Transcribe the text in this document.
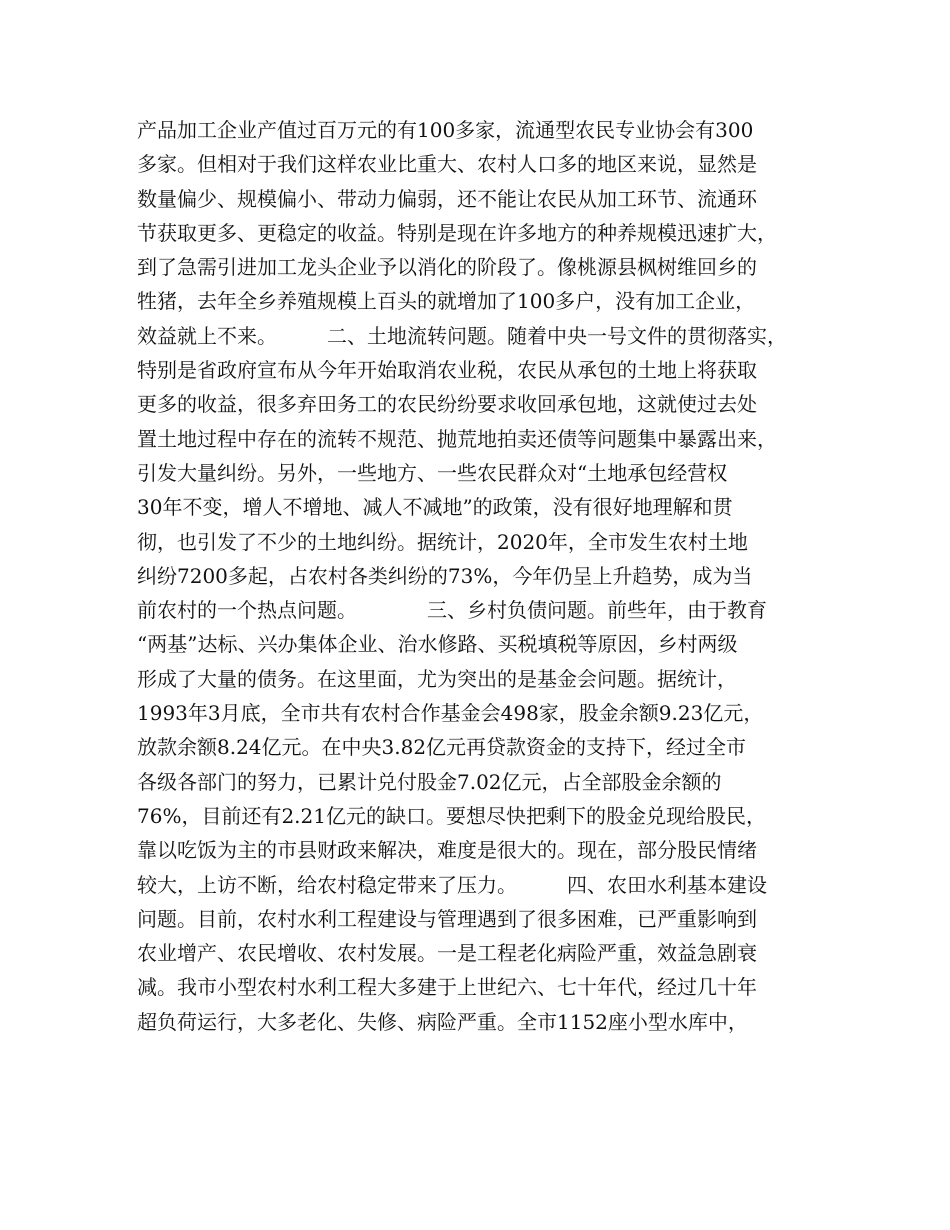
产品加工企业产值过百万元的有100多家，流通型农民专业协会有300
多家。但相对于我们这样农业比重大、农村人口多的地区来说，显然是
数量偏少、规模偏小、带动力偏弱，还不能让农民从加工环节、流通环
节获取更多、更稳定的收益。特别是现在许多地方的种养规模迅速扩大，
到了急需引进加工龙头企业予以消化的阶段了。像桃源县枫树维回乡的
牲猪，去年全乡养殖规模上百头的就增加了100多户，没有加工企业，
效益就上不来。　　　二、土地流转问题。随着中央一号文件的贯彻落实，
特别是省政府宣布从今年开始取消农业税，农民从承包的土地上将获取
更多的收益，很多弃田务工的农民纷纷要求收回承包地，这就使过去处
置土地过程中存在的流转不规范、抛荒地拍卖还债等问题集中暴露出来，
引发大量纠纷。另外，一些地方、一些农民群众对“土地承包经营权
30年不变，增人不增地、减人不减地”的政策，没有很好地理解和贯
彻，也引发了不少的土地纠纷。据统计，2020年，全市发生农村土地
纠纷7200多起，占农村各类纠纷的73%，今年仍呈上升趋势，成为当
前农村的一个热点问题。　　　　三、乡村负债问题。前些年，由于教育
“两基”达标、兴办集体企业、治水修路、买税填税等原因，乡村两级
形成了大量的债务。在这里面，尤为突出的是基金会问题。据统计，
1993年3月底，全市共有农村合作基金会498家，股金余额9.23亿元，
放款余额8.24亿元。在中央3.82亿元再贷款资金的支持下，经过全市
各级各部门的努力，已累计兑付股金7.02亿元，占全部股金余额的
76%，目前还有2.21亿元的缺口。要想尽快把剩下的股金兑现给股民，
靠以吃饭为主的市县财政来解决，难度是很大的。现在，部分股民情绪
较大，上访不断，给农村稳定带来了压力。　　　四、农田水利基本建设
问题。目前，农村水利工程建设与管理遇到了很多困难，已严重影响到
农业增产、农民增收、农村发展。一是工程老化病险严重，效益急剧衰
减。我市小型农村水利工程大多建于上世纪六、七十年代，经过几十年
超负荷运行，大多老化、失修、病险严重。全市1152座小型水库中，
